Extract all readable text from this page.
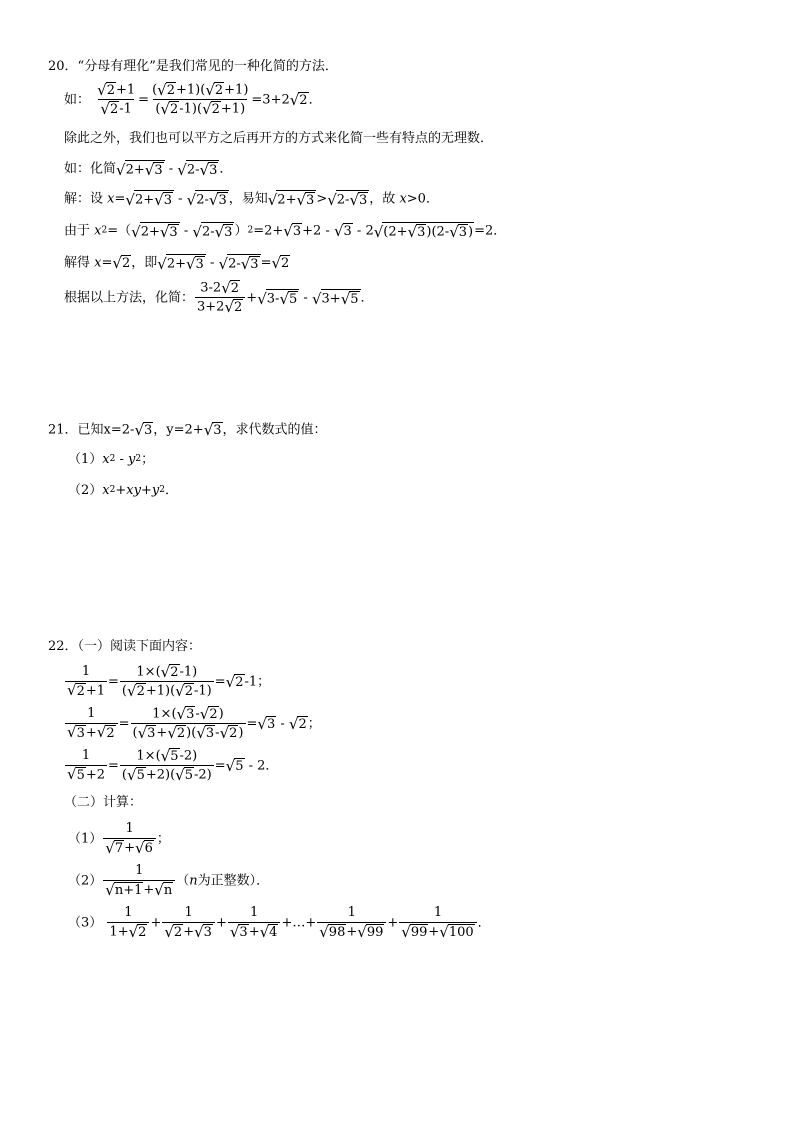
20．“分母有理化”是我们常见的一种化简的方法．
如： $\frac{√ 2 +1}{√ 2 -1} = \frac{( √ 2 +1)( √ 2 +1)}{( √ 2 -1)( √ 2 +1)} =3+2$ √ 2 ．
除此之外，我们也可以平方之后再开方的方式来化简一些有特点的无理数．
如：化简 √ 2+ √ 3 - √ 2- √ 3 ．
解：设 x= √ 2+ √ 3 - √ 2- √ 3 ，易知 √ 2+ √ 3 > √ 2- √ 3 ，故 x>0．
由于 x2=（ √ 2+ √ 3 - √ 2- √ 3 ）2=2+ √ 3 +2 - √ 3 - 2 √ (2+ √ 3 )(2- √ 3 ) =2．
解得 x= √ 2 ，即 √ 2+ √ 3 - √ 2- √ 3 = √ 2
根据以上方法，化简： $\frac{3-2 √ 2}{3+2 √ 2}$ + √ 3- √ 5 - √ 3+ √ 5 ．
21．已知x=2- √ 3 ，y=2+ √ 3 ，求代数式的值：
（1）x2 - y2；
（2）x2+xy+y2．
22．（一）阅读下面内容：
$\frac{1}{√ 2 +1} = \frac{1\times( √ 2 -1)}{( √ 2 +1)( √ 2 -1)}$ = √ 2 -1；
$\frac{1}{√ 3 + √ 2} = \frac{1\times( √ 3 - √ 2 )}{( √ 3 + √ 2 )( √ 3 - √ 2 )}$ = √ 3 - √ 2 ；
$\frac{1}{√ 5 +2} = \frac{1\times( √ 5 -2)}{( √ 5 +2)( √ 5 -2)}$ = √ 5 - 2．
（二）计算：
$(1) \frac{1}{√ 7 + √ 6}$ ；
$(2) \frac{1}{√ n+1 + √ n} (n$为正整数）．
$(3) \frac{1}{1+ √ 2} + \frac{1}{√ 2 + √ 3} + \frac{1}{√ 3 + √ 4}$ +…+ $\frac{1}{√ 98 + √ 99} + \frac{1}{√ 99 + √ 100}$ ．
